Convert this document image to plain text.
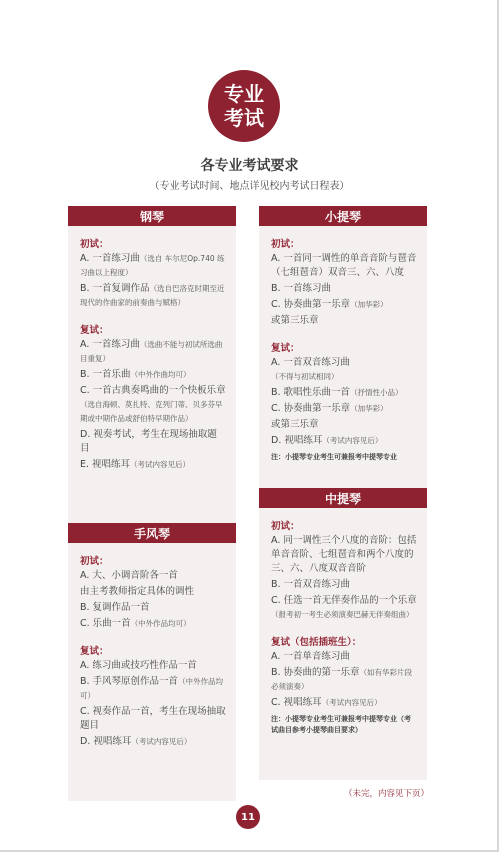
专业
考试
各专业考试要求
（专业考试时间、地点详见校内考试日程表）
钢琴
初试：
A. 一首练习曲（选自 车尔尼Op.740 练习曲以上程度）
B. 一首复调作品（选自巴洛克时期至近现代的作曲家的前奏曲与赋格）
复试：
A. 一首练习曲（选曲不能与初试所选曲目重复）
B. 一首乐曲（中外作曲均可）
C. 一首古典奏鸣曲的一个快板乐章（选自海顿、莫扎特、克列门蒂、贝多芬早期或中期作品或舒伯特早期作品）
D. 视奏考试，考生在现场抽取题目
E. 视唱练耳（考试内容见后）
手风琴
初试：
A. 大、小调音阶各一首
由主考教师指定具体的调性
B. 复调作品一首
C. 乐曲一首（中外作品均可）
复试：
A. 练习曲或技巧性作品一首
B. 手风琴原创作品一首（中外作品均可）
C. 视奏作品一首，考生在现场抽取题目
D. 视唱练耳（考试内容见后）
小提琴
初试：
A. 一首同一调性的单音音阶与琶音（七组琶音）双音三、六、八度
B. 一首练习曲
C. 协奏曲第一乐章（加华彩）
或第三乐章
复试：
A. 一首双音练习曲（不得与初试相同）
B. 歌唱性乐曲一首（抒情性小品）
C. 协奏曲第一乐章（加华彩）
或第三乐章
D. 视唱练耳（考试内容见后）
注：小提琴专业考生可兼报考中提琴专业
中提琴
初试：
A. 同一调性三个八度的音阶：包括单音音阶、七组琶音和两个八度的三、六、八度双音音阶
B. 一首双音练习曲
C. 任选一首无伴奏作品的一个乐章（报考初一考生必须演奏巴赫无伴奏组曲）
复试（包括插班生）：
A. 一首单音练习曲
B. 协奏曲的第一乐章（如有华彩片段必须演奏）
C. 视唱练耳（考试内容见后）
注：小提琴专业考生可兼报考中提琴专业（考试曲目参考小提琴曲目要求）
（未完，内容见下页）
11
